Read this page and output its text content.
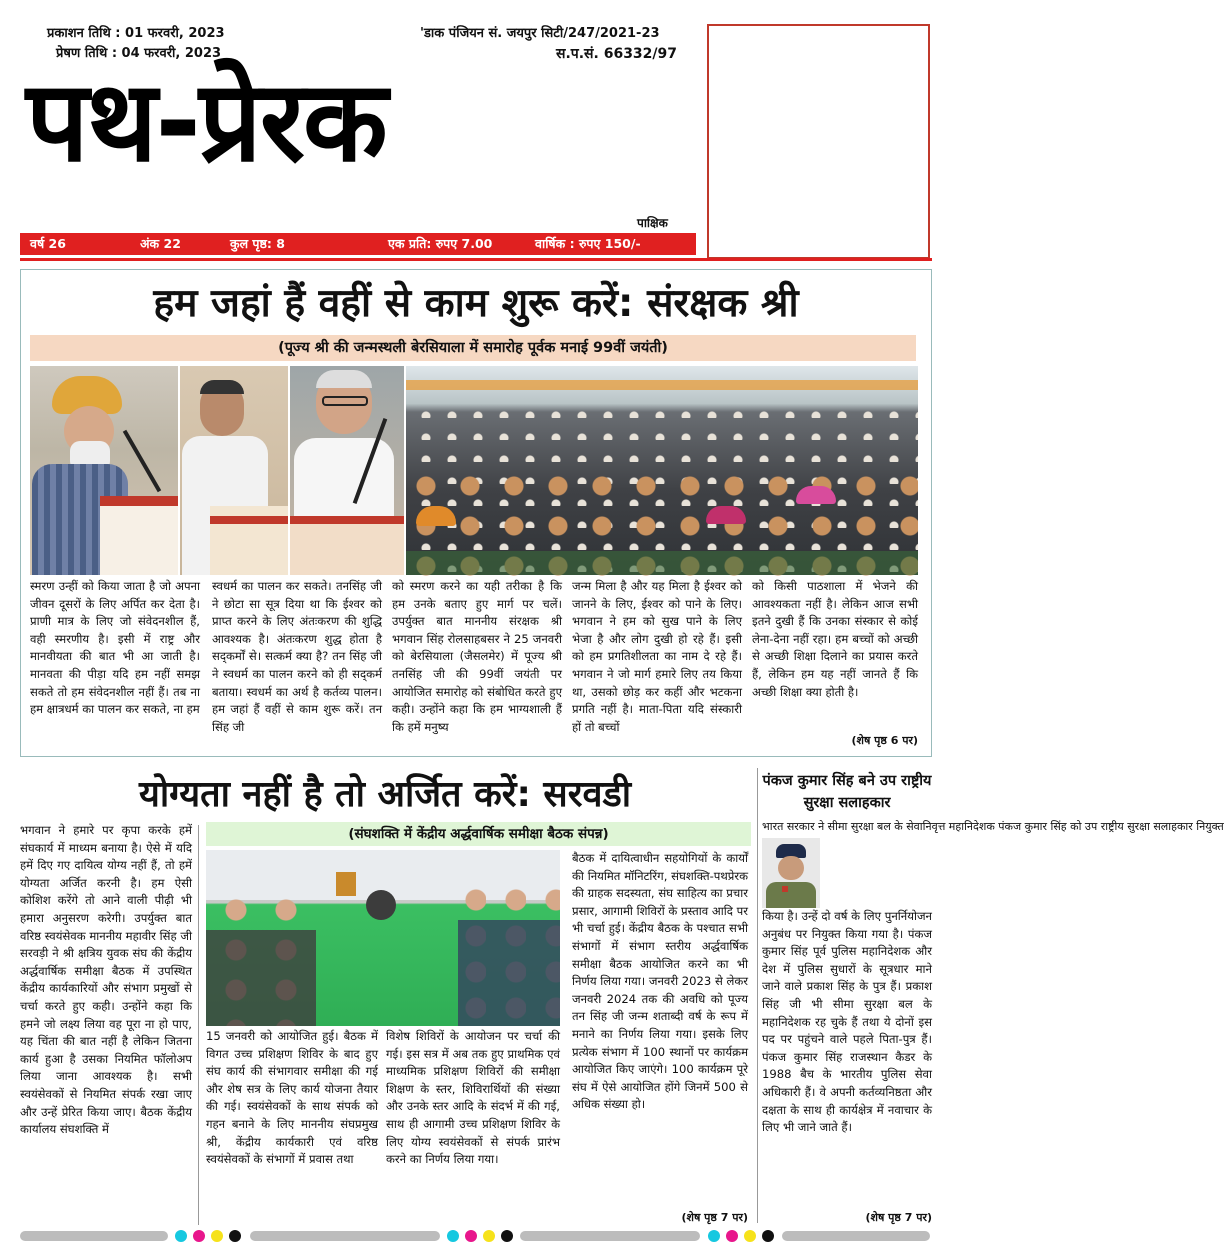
प्रकाशन तिथि : 01 फरवरी, 2023
प्रेषण तिथि : 04 फरवरी, 2023
'डाक पंजियन सं. जयपुर सिटी/247/2021-23
स.प.सं. 66332/97
पथ-प्रेरक
पाक्षिक
वर्ष 26	अंक 22	कुल पृष्ठ: 8	एक प्रति: रुपए 7.00	वार्षिक : रुपए 150/-
हम जहां हैं वहीं से काम शुरू करें: संरक्षक श्री
(पूज्य श्री की जन्मस्थली बेरसियाला में समारोह पूर्वक मनाई 99वीं जयंती)
स्मरण उन्हीं को किया जाता है जो अपना जीवन दूसरों के लिए अर्पित कर देता है। प्राणी मात्र के लिए जो संवेदनशील हैं, वही स्मरणीय है। इसी में राष्ट्र और मानवीयता की बात भी आ जाती है। मानवता की पीड़ा यदि हम नहीं समझ सकते तो हम संवेदनशील नहीं हैं। तब ना हम क्षात्रधर्म का पालन कर सकते, ना हम
स्वधर्म का पालन कर सकते। तनसिंह जी ने छोटा सा सूत्र दिया था कि ईश्वर को प्राप्त करने के लिए अंतःकरण की शुद्धि आवश्यक है। अंतःकरण शुद्ध होता है सद्कर्मों से। सत्कर्म क्या है? तन सिंह जी ने स्वधर्म का पालन करने को ही सद्कर्म बताया। स्वधर्म का अर्थ है कर्तव्य पालन। हम जहां हैं वहीं से काम शुरू करें। तन सिंह जी
को स्मरण करने का यही तरीका है कि हम उनके बताए हुए मार्ग पर चलें। उपर्युक्त बात माननीय संरक्षक श्री भगवान सिंह रोलसाहबसर ने 25 जनवरी को बेरसियाला (जैसलमेर) में पूज्य श्री तनसिंह जी की 99वीं जयंती पर आयोजित समारोह को संबोधित करते हुए कही। उन्होंने कहा कि हम भाग्यशाली हैं कि हमें मनुष्य
जन्म मिला है और यह मिला है ईश्वर को जानने के लिए, ईश्वर को पाने के लिए। भगवान ने हम को सुख पाने के लिए भेजा है और लोग दुखी हो रहे हैं। इसी को हम प्रगतिशीलता का नाम दे रहे हैं। भगवान ने जो मार्ग हमारे लिए तय किया था, उसको छोड़ कर कहीं और भटकना प्रगति नहीं है। माता-पिता यदि संस्कारी हों तो बच्चों
को किसी पाठशाला में भेजने की आवश्यकता नहीं है। लेकिन आज सभी इतने दुखी हैं कि उनका संस्कार से कोई लेना-देना नहीं रहा। हम बच्चों को अच्छी से अच्छी शिक्षा दिलाने का प्रयास करते हैं, लेकिन हम यह नहीं जानते हैं कि अच्छी शिक्षा क्या होती है।
(शेष पृष्ठ 6 पर)
योग्यता नहीं है तो अर्जित करें: सरवडी
(संघशक्ति में केंद्रीय अर्द्धवार्षिक समीक्षा बैठक संपन्न)
भगवान ने हमारे पर कृपा करके हमें संघकार्य में माध्यम बनाया है। ऐसे में यदि हमें दिए गए दायित्व योग्य नहीं हैं, तो हमें योग्यता अर्जित करनी है। हम ऐसी कोशिश करेंगे तो आने वाली पीढ़ी भी हमारा अनुसरण करेगी। उपर्युक्त बात वरिष्ठ स्वयंसेवक माननीय महावीर सिंह जी सरवड़ी ने श्री क्षत्रिय युवक संघ की केंद्रीय अर्द्धवार्षिक समीक्षा बैठक में उपस्थित केंद्रीय कार्यकारियों और संभाग प्रमुखों से चर्चा करते हुए कही। उन्होंने कहा कि हमने जो लक्ष्य लिया वह पूरा ना हो पाए, यह चिंता की बात नहीं है लेकिन जितना कार्य हुआ है उसका नियमित फॉलोअप लिया जाना आवश्यक है। सभी स्वयंसेवकों से नियमित संपर्क रखा जाए और उन्हें प्रेरित किया जाए। बैठक केंद्रीय कार्यालय संघशक्ति में
15 जनवरी को आयोजित हुई। बैठक में विगत उच्च प्रशिक्षण शिविर के बाद हुए संघ कार्य की संभागवार समीक्षा की गई और शेष सत्र के लिए कार्य योजना तैयार की गई। स्वयंसेवकों के साथ संपर्क को गहन बनाने के लिए माननीय संघप्रमुख श्री, केंद्रीय कार्यकारी एवं वरिष्ठ स्वयंसेवकों के संभागों में प्रवास तथा
विशेष शिविरों के आयोजन पर चर्चा की गई। इस सत्र में अब तक हुए प्राथमिक एवं माध्यमिक प्रशिक्षण शिविरों की समीक्षा शिक्षण के स्तर, शिविरार्थियों की संख्या और उनके स्तर आदि के संदर्भ में की गई, साथ ही आगामी उच्च प्रशिक्षण शिविर के लिए योग्य स्वयंसेवकों से संपर्क प्रारंभ करने का निर्णय लिया गया।
बैठक में दायित्वाधीन सहयोगियों के कार्यों की नियमित मॉनिटरिंग, संघशक्ति-पथप्रेरक की ग्राहक सदस्यता, संघ साहित्य का प्रचार प्रसार, आगामी शिविरों के प्रस्ताव आदि पर भी चर्चा हुई। केंद्रीय बैठक के पश्चात सभी संभागों में संभाग स्तरीय अर्द्धवार्षिक समीक्षा बैठक आयोजित करने का भी निर्णय लिया गया। जनवरी 2023 से लेकर जनवरी 2024 तक की अवधि को पूज्य तन सिंह जी जन्म शताब्दी वर्ष के रूप में मनाने का निर्णय लिया गया। इसके लिए प्रत्येक संभाग में 100 स्थानों पर कार्यक्रम आयोजित किए जाएंगे। 100 कार्यक्रम पूरे संघ में ऐसे आयोजित होंगे जिनमें 500 से अधिक संख्या हो।
(शेष पृष्ठ 7 पर)
पंकज कुमार सिंह बने उप राष्ट्रीय सुरक्षा सलाहकार
भारत सरकार ने सीमा सुरक्षा बल के सेवानिवृत्त महानिदेशक पंकज कुमार सिंह को उप राष्ट्रीय सुरक्षा सलाहकार नियुक्त
किया है। उन्हें दो वर्ष के लिए पुनर्नियोजन अनुबंध पर नियुक्त किया गया है। पंकज कुमार सिंह पूर्व पुलिस महानिदेशक और देश में पुलिस सुधारों के सूत्रधार माने जाने वाले प्रकाश सिंह के पुत्र हैं। प्रकाश सिंह जी भी सीमा सुरक्षा बल के महानिदेशक रह चुके हैं तथा ये दोनों इस पद पर पहुंचने वाले पहले पिता-पुत्र हैं। पंकज कुमार सिंह राजस्थान कैडर के 1988 बैच के भारतीय पुलिस सेवा अधिकारी हैं। वे अपनी कर्तव्यनिष्ठता और दक्षता के साथ ही कार्यक्षेत्र में नवाचार के लिए भी जाने जाते हैं।
(शेष पृष्ठ 7 पर)
